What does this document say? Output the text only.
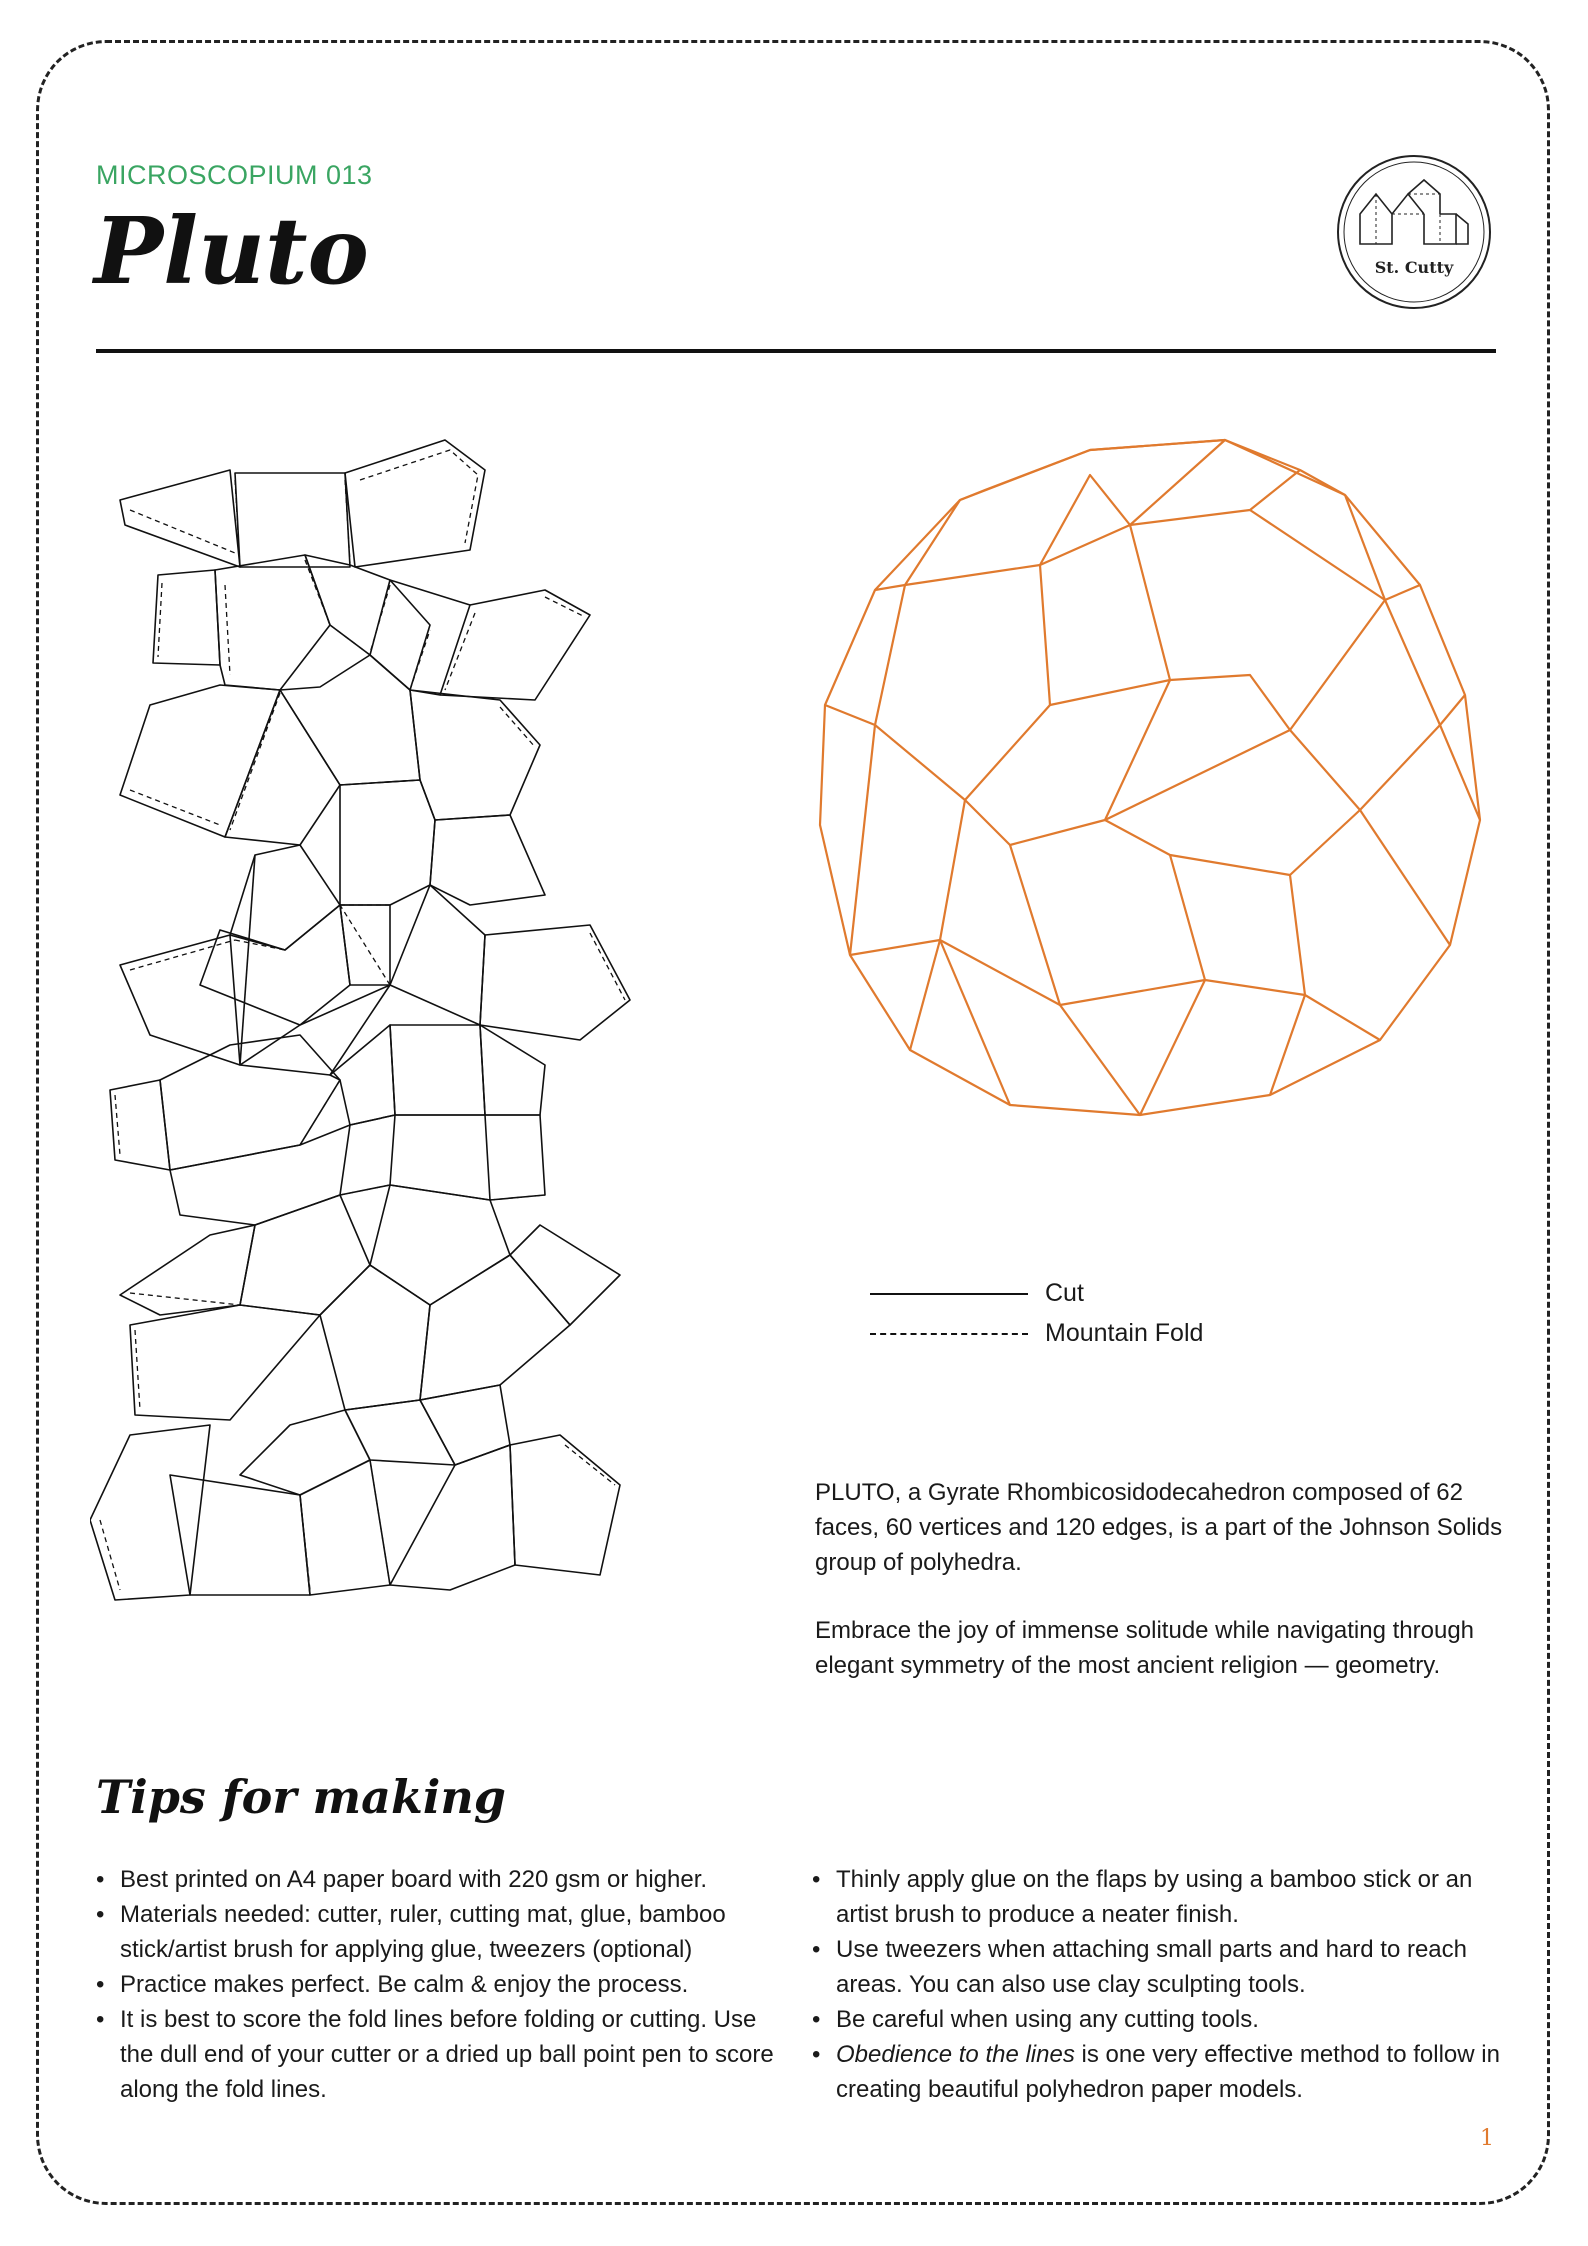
MICROSCOPIUM 013
Pluto	St. Cutty
Cut
Mountain Fold

PLUTO, a Gyrate Rhombicosidodecahedron composed of 62 faces, 60 vertices and 120 edges, is a part of the Johnson Solids group of polyhedra.

Embrace the joy of immense solitude while navigating through elegant symmetry of the most ancient religion — geometry.

Tips for making
• Best printed on A4 paper board with 220 gsm or higher.
• Materials needed: cutter, ruler, cutting mat, glue, bamboo stick/artist brush for applying glue, tweezers (optional)
• Practice makes perfect. Be calm & enjoy the process.
• It is best to score the fold lines before folding or cutting. Use the dull end of your cutter or a dried up ball point pen to score along the fold lines.
• Thinly apply glue on the flaps by using a bamboo stick or an artist brush to produce a neater finish.
• Use tweezers when attaching small parts and hard to reach areas. You can also use clay sculpting tools.
• Be careful when using any cutting tools.
• Obedience to the lines is one very effective method to follow in creating beautiful polyhedron paper models.
1
